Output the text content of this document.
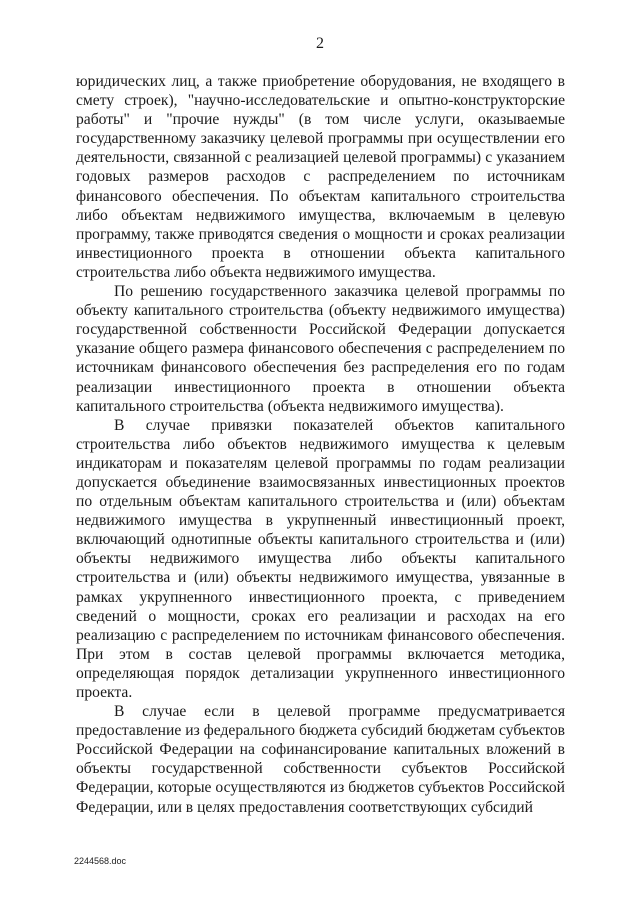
2

юридических лиц, а также приобретение оборудования, не входящего в смету строек), "научно-исследовательские и опытно-конструкторские работы" и "прочие нужды" (в том числе услуги, оказываемые государственному заказчику целевой программы при осуществлении его деятельности, связанной с реализацией целевой программы) с указанием годовых размеров расходов с распределением по источникам финансового обеспечения. По объектам капитального строительства либо объектам недвижимого имущества, включаемым в целевую программу, также приводятся сведения о мощности и сроках реализации инвестиционного проекта в отношении объекта капитального строительства либо объекта недвижимого имущества.

По решению государственного заказчика целевой программы по объекту капитального строительства (объекту недвижимого имущества) государственной собственности Российской Федерации допускается указание общего размера финансового обеспечения с распределением по источникам финансового обеспечения без распределения его по годам реализации инвестиционного проекта в отношении объекта капитального строительства (объекта недвижимого имущества).

В случае привязки показателей объектов капитального строительства либо объектов недвижимого имущества к целевым индикаторам и показателям целевой программы по годам реализации допускается объединение взаимосвязанных инвестиционных проектов по отдельным объектам капитального строительства и (или) объектам недвижимого имущества в укрупненный инвестиционный проект, включающий однотипные объекты капитального строительства и (или) объекты недвижимого имущества либо объекты капитального строительства и (или) объекты недвижимого имущества, увязанные в рамках укрупненного инвестиционного проекта, с приведением сведений о мощности, сроках его реализации и расходах на его реализацию с распределением по источникам финансового обеспечения. При этом в состав целевой программы включается методика, определяющая порядок детализации укрупненного инвестиционного проекта.

В случае если в целевой программе предусматривается предоставление из федерального бюджета субсидий бюджетам субъектов Российской Федерации на софинансирование капитальных вложений в объекты государственной собственности субъектов Российской Федерации, которые осуществляются из бюджетов субъектов Российской Федерации, или в целях предоставления соответствующих субсидий

2244568.doc
